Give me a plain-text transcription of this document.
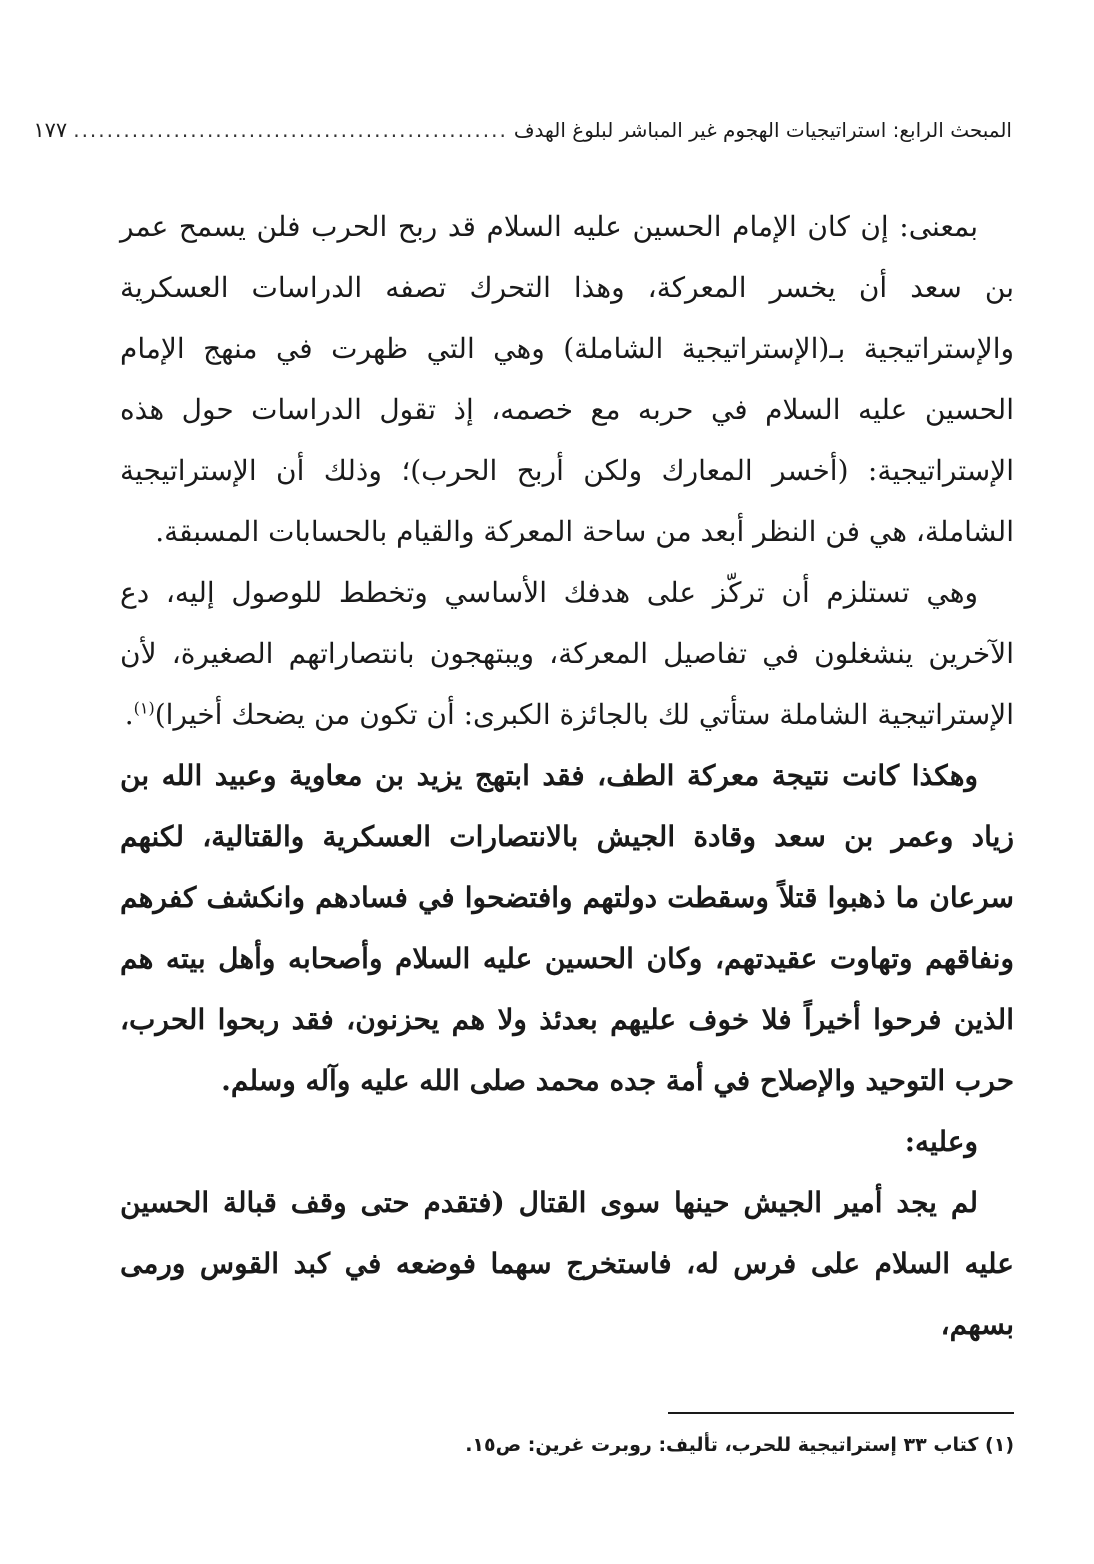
المبحث الرابع: استراتيجيات الهجوم غير المباشر لبلوغ الهدف
....................................................
١٧٧

بمعنى: إن كان الإمام الحسين عليه السلام قد ربح الحرب فلن يسمح عمر بن سعد أن يخسر المعركة، وهذا التحرك تصفه الدراسات العسكرية والإستراتيجية بـ(الإستراتيجية الشاملة) وهي التي ظهرت في منهج الإمام الحسين عليه السلام في حربه مع خصمه، إذ تقول الدراسات حول هذه الإستراتيجية: (أخسر المعارك ولكن أربح الحرب)؛ وذلك أن الإستراتيجية الشاملة، هي فن النظر أبعد من ساحة المعركة والقيام بالحسابات المسبقة.

وهي تستلزم أن تركّز على هدفك الأساسي وتخطط للوصول إليه، دع الآخرين ينشغلون في تفاصيل المعركة، ويبتهجون بانتصاراتهم الصغيرة، لأن الإستراتيجية الشاملة ستأتي لك بالجائزة الكبرى: أن تكون من يضحك أخيرا)$^{(١)}$.

وهكذا كانت نتيجة معركة الطف، فقد ابتهج يزيد بن معاوية وعبيد الله بن زياد وعمر بن سعد وقادة الجيش بالانتصارات العسكرية والقتالية، لكنهم سرعان ما ذهبوا قتلاً وسقطت دولتهم وافتضحوا في فسادهم وانكشف كفرهم ونفاقهم وتهاوت عقيدتهم، وكان الحسين عليه السلام وأصحابه وأهل بيته هم الذين فرحوا أخيراً فلا خوف عليهم بعدئذ ولا هم يحزنون، فقد ربحوا الحرب، حرب التوحيد والإصلاح في أمة جده محمد صلى الله عليه وآله وسلم.

وعليه:

لم يجد أمير الجيش حينها سوى القتال (فتقدم حتى وقف قبالة الحسين عليه السلام على فرس له، فاستخرج سهما فوضعه في كبد القوس ورمى بسهم،

(١) كتاب ٣٣ إستراتيجية للحرب، تأليف: روبرت غرين: ص١٥.
